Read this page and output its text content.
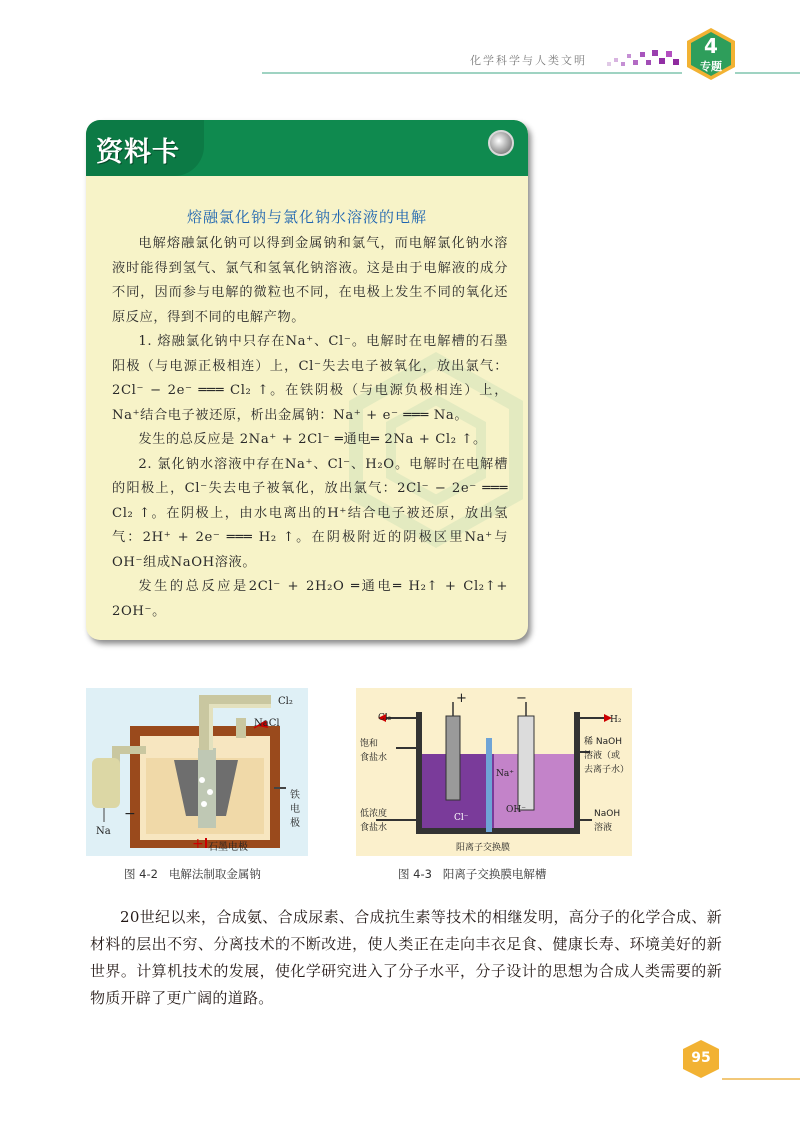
化学科学与人类文明
4
专题
资料卡
熔融氯化钠与氯化钠水溶液的电解

电解熔融氯化钠可以得到金属钠和氯气，而电解氯化钠水溶液时能得到氢气、氯气和氢氧化钠溶液。这是由于电解液的成分不同，因而参与电解的微粒也不同，在电极上发生不同的氧化还原反应，得到不同的电解产物。

1. 熔融氯化钠中只存在Na⁺、Cl⁻。电解时在电解槽的石墨阳极（与电源正极相连）上，Cl⁻失去电子被氧化，放出氯气：2Cl⁻ − 2e⁻ ═══ Cl₂ ↑。在铁阴极（与电源负极相连）上，Na⁺结合电子被还原，析出金属钠：Na⁺ + e⁻ ═══ Na。

发生的总反应是 2Na⁺ + 2Cl⁻ ═通电═ 2Na + Cl₂ ↑。

2. 氯化钠水溶液中存在Na⁺、Cl⁻、H₂O。电解时在电解槽的阳极上，Cl⁻失去电子被氧化，放出氯气：2Cl⁻ − 2e⁻ ═══ Cl₂ ↑。在阴极上，由水电离出的H⁺结合电子被还原，放出氢气：2H⁺ + 2e⁻ ═══ H₂ ↑。在阴极附近的阴极区里Na⁺与OH⁻组成NaOH溶液。

发生的总反应是2Cl⁻ + 2H₂O ═通电═ H₂↑ + Cl₂↑+ 2OH⁻。

Cl₂
NaCl
Na
−
+ 石墨电极
铁电极
图 4-2 电解法制取金属钠
Cl₂	H₂
+	−
Na⁺
Cl⁻
OH⁻
阳离子交换膜
饱和食盐水
稀 NaOH 溶液（或去离子水）
低浓度食盐水
NaOH 溶液
图 4-3 阳离子交换膜电解槽

20世纪以来，合成氨、合成尿素、合成抗生素等技术的相继发明，高分子的化学合成、新材料的层出不穷、分离技术的不断改进，使人类正在走向丰衣足食、健康长寿、环境美好的新世界。计算机技术的发展，使化学研究进入了分子水平，分子设计的思想为合成人类需要的新物质开辟了更广阔的道路。

95
